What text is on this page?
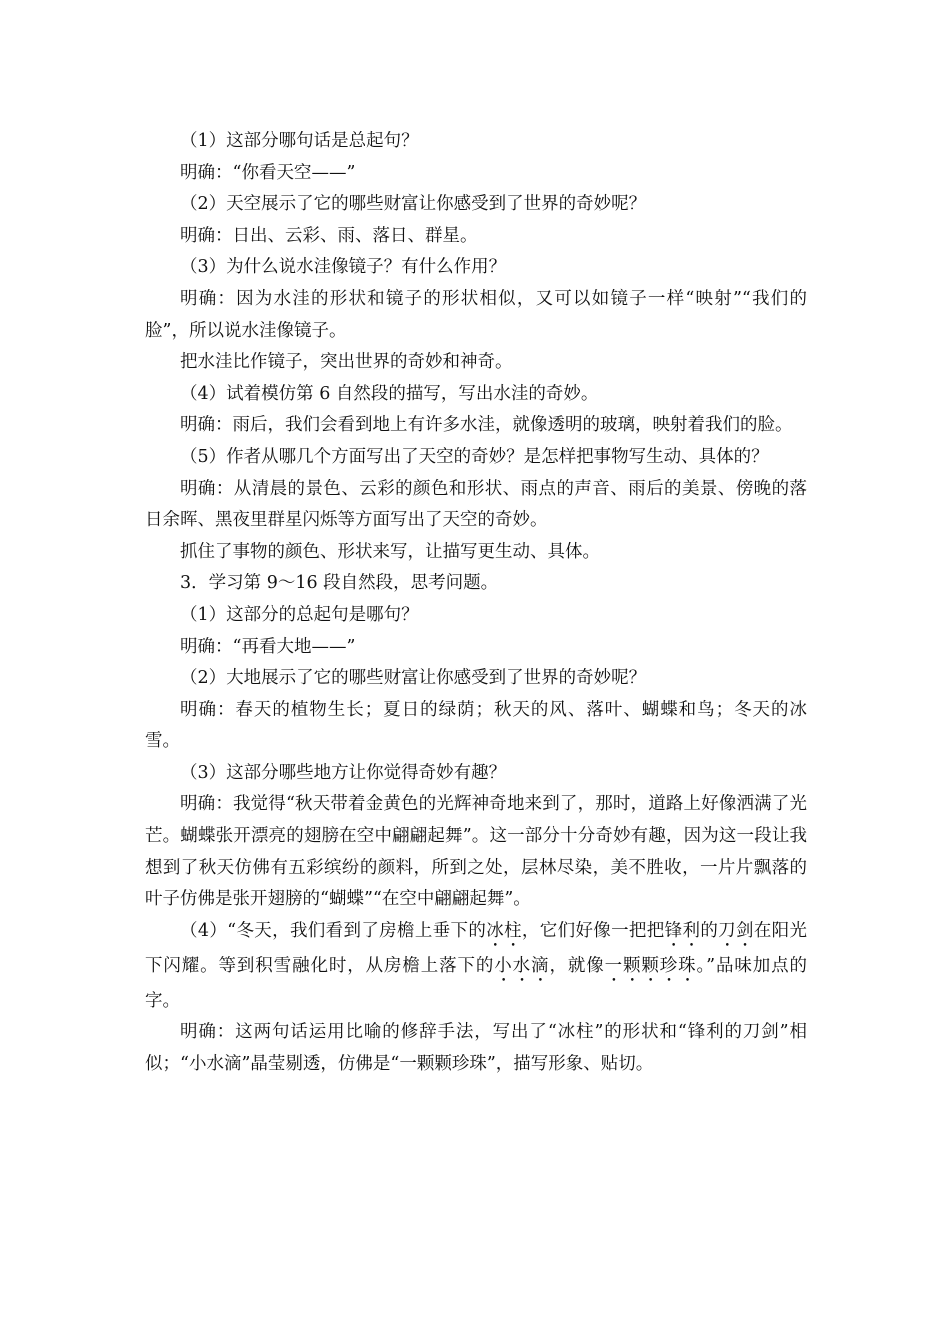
（1）这部分哪句话是总起句？

明确：“你看天空——”

（2）天空展示了它的哪些财富让你感受到了世界的奇妙呢？

明确：日出、云彩、雨、落日、群星。

（3）为什么说水洼像镜子？有什么作用？

明确：因为水洼的形状和镜子的形状相似，又可以如镜子一样“映射”“我们的脸”，所以说水洼像镜子。

把水洼比作镜子，突出世界的奇妙和神奇。

（4）试着模仿第 6 自然段的描写，写出水洼的奇妙。

明确：雨后，我们会看到地上有许多水洼，就像透明的玻璃，映射着我们的脸。

（5）作者从哪几个方面写出了天空的奇妙？是怎样把事物写生动、具体的？

明确：从清晨的景色、云彩的颜色和形状、雨点的声音、雨后的美景、傍晚的落日余晖、黑夜里群星闪烁等方面写出了天空的奇妙。

抓住了事物的颜色、形状来写，让描写更生动、具体。

3．学习第 9～16 段自然段，思考问题。

（1）这部分的总起句是哪句？

明确：“再看大地——”

（2）大地展示了它的哪些财富让你感受到了世界的奇妙呢？

明确：春天的植物生长；夏日的绿荫；秋天的风、落叶、蝴蝶和鸟；冬天的冰雪。

（3）这部分哪些地方让你觉得奇妙有趣？

明确：我觉得“秋天带着金黄色的光辉神奇地来到了，那时，道路上好像洒满了光芒。蝴蝶张开漂亮的翅膀在空中翩翩起舞”。这一部分十分奇妙有趣，因为这一段让我想到了秋天仿佛有五彩缤纷的颜料，所到之处，层林尽染，美不胜收，一片片飘落的叶子仿佛是张开翅膀的“蝴蝶”“在空中翩翩起舞”。

（4）“冬天，我们看到了房檐上垂下的冰柱，它们好像一把把锋利的刀剑在阳光下闪耀。等到积雪融化时，从房檐上落下的小水滴，就像一颗颗珍珠。”品味加点的字。

明确：这两句话运用比喻的修辞手法，写出了“冰柱”的形状和“锋利的刀剑”相似；“小水滴”晶莹剔透，仿佛是“一颗颗珍珠”，描写形象、贴切。
